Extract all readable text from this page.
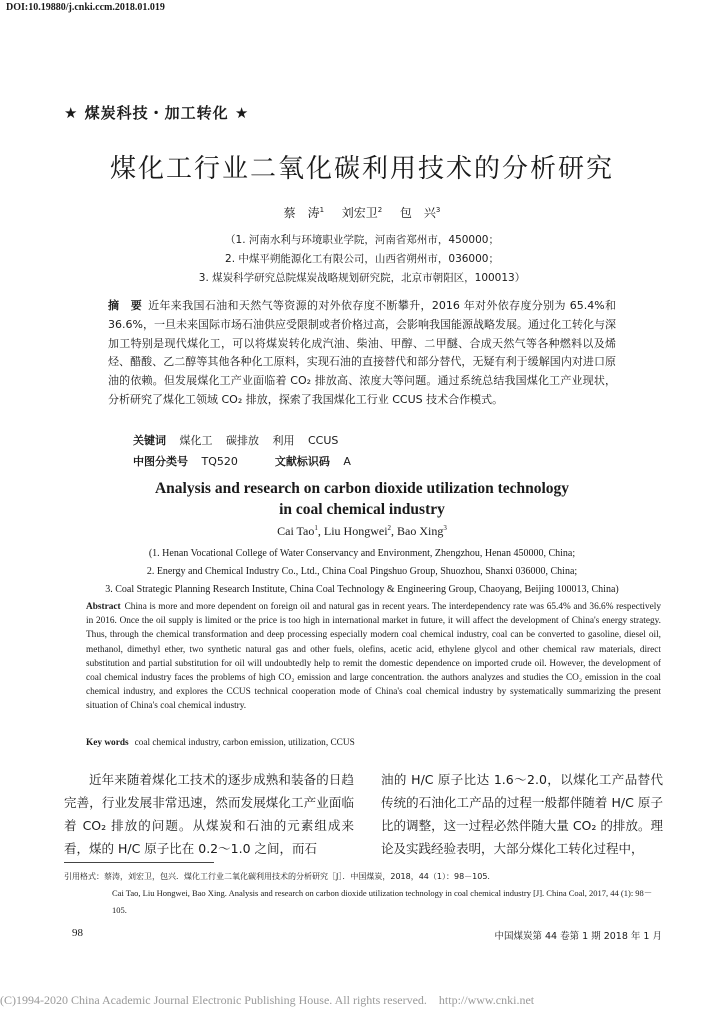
DOI:10.19880/j.cnki.ccm.2018.01.019
★ 煤炭科技・加工转化 ★
煤化工行业二氧化碳利用技术的分析研究
蔡　涛$^1$ 刘宏卫$^2$ 包　兴$^3$
（1. 河南水利与环境职业学院，河南省郑州市，450000；
2. 中煤平朔能源化工有限公司，山西省朔州市，036000；
3. 煤炭科学研究总院煤炭战略规划研究院，北京市朝阳区，100013）
摘　要 近年来我国石油和天然气等资源的对外依存度不断攀升，2016 年对外依存度分别为 65.4%和 36.6%，一旦未来国际市场石油供应受限制或者价格过高，会影响我国能源战略发展。通过化工转化与深加工特别是现代煤化工，可以将煤炭转化成汽油、柴油、甲醇、二甲醚、合成天然气等各种燃料以及烯烃、醋酸、乙二醇等其他各种化工原料，实现石油的直接替代和部分替代，无疑有利于缓解国内对进口原油的依赖。但发展煤化工产业面临着 CO₂ 排放高、浓度大等问题。通过系统总结我国煤化工产业现状，分析研究了煤化工领域 CO₂ 排放，探索了我国煤化工行业 CCUS 技术合作模式。
关键词 煤化工 碳排放 利用 CCUS
中图分类号 TQ520	文献标识码 A
Analysis and research on carbon dioxide utilization technology
in coal chemical industry
Cai Tao$^1$, Liu Hongwei$^2$, Bao Xing$^3$
(1. Henan Vocational College of Water Conservancy and Environment, Zhengzhou, Henan 450000, China;
2. Energy and Chemical Industry Co., Ltd., China Coal Pingshuo Group, Shuozhou, Shanxi 036000, China;
3. Coal Strategic Planning Research Institute, China Coal Technology & Engineering Group, Chaoyang, Beijing 100013, China)
Abstract China is more and more dependent on foreign oil and natural gas in recent years. The interdependency rate was 65.4% and 36.6% respectively in 2016. Once the oil supply is limited or the price is too high in international market in future, it will affect the development of China's energy strategy. Thus, through the chemical transformation and deep processing especially modern coal chemical industry, coal can be converted to gasoline, diesel oil, methanol, dimethyl ether, two synthetic natural gas and other fuels, olefins, acetic acid, ethylene glycol and other chemical raw materials, direct substitution and partial substitution for oil will undoubtedly help to remit the domestic dependence on imported crude oil. However, the development of coal chemical industry faces the problems of high CO₂ emission and large concentration. the authors analyzes and studies the CO₂ emission in the coal chemical industry, and explores the CCUS technical cooperation mode of China's coal chemical industry by systematically summarizing the present situation of China's coal chemical industry.
Key words coal chemical industry, carbon emission, utilization, CCUS
近年来随着煤化工技术的逐步成熟和装备的日趋完善，行业发展非常迅速，然而发展煤化工产业面临着 CO₂ 排放的问题。从煤炭和石油的元素组成来看，煤的 H/C 原子比在 0.2～1.0 之间，而石
油的 H/C 原子比达 1.6～2.0，以煤化工产品替代传统的石油化工产品的过程一般都伴随着 H/C 原子比的调整，这一过程必然伴随大量 CO₂ 的排放。理论及实践经验表明，大部分煤化工转化过程中，
引用格式：蔡涛，刘宏卫，包兴．煤化工行业二氧化碳利用技术的分析研究［J］．中国煤炭，2018，44（1）：98－105.
Cai Tao, Liu Hongwei, Bao Xing. Analysis and research on carbon dioxide utilization technology in coal chemical industry [J]. China Coal, 2017, 44 (1): 98－105.
98	中国煤炭第 44 卷第 1 期 2018 年 1 月
(C)1994-2020 China Academic Journal Electronic Publishing House. All rights reserved.　http://www.cnki.net
